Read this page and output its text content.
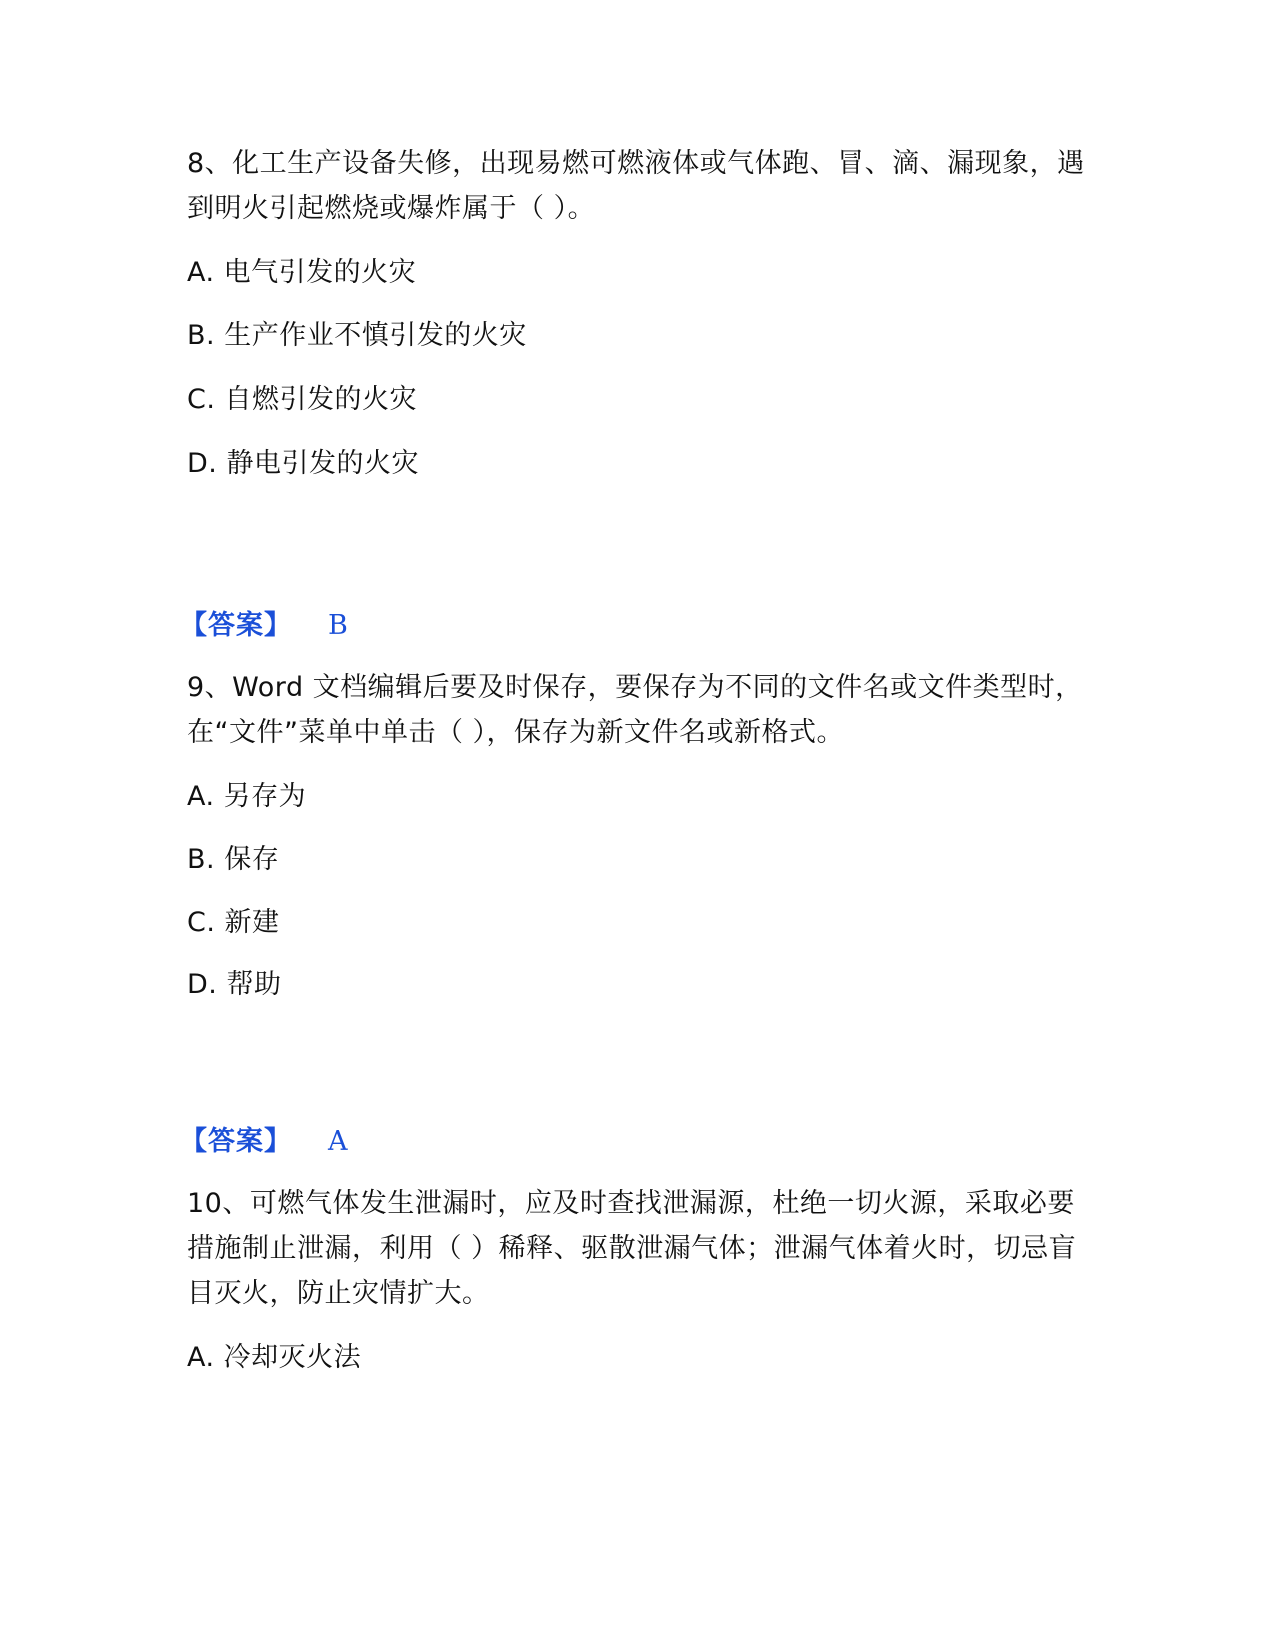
8、化工生产设备失修，出现易燃可燃液体或气体跑、冒、滴、漏现象，遇
到明火引起燃烧或爆炸属于（ ）。
A. 电气引发的火灾
B. 生产作业不慎引发的火灾
C. 自燃引发的火灾
D. 静电引发的火灾
【答案】 B
9、Word 文档编辑后要及时保存，要保存为不同的文件名或文件类型时，
在“文件”菜单中单击（ ），保存为新文件名或新格式。
A. 另存为
B. 保存
C. 新建
D. 帮助
【答案】 A
10、可燃气体发生泄漏时，应及时查找泄漏源，杜绝一切火源，采取必要
措施制止泄漏，利用（ ）稀释、驱散泄漏气体；泄漏气体着火时，切忌盲
目灭火，防止灾情扩大。
A. 冷却灭火法
